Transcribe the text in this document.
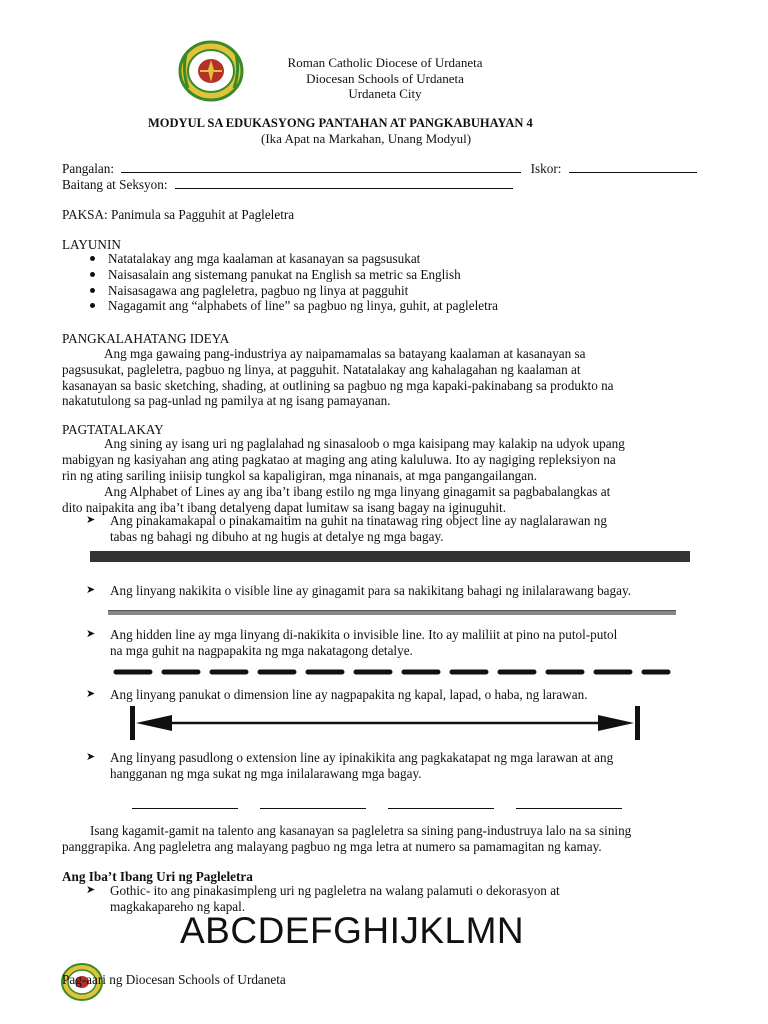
Roman Catholic Diocese of Urdaneta
Diocesan Schools of Urdaneta
Urdaneta City
MODYUL SA EDUKASYONG PANTAHAN AT PANGKABUHAYAN 4
(Ika Apat na Markahan, Unang Modyul)
Pangalan:	Iskor:
Baitang at Seksyon:
PAKSA: Panimula sa Pagguhit at Pagleletra
LAYUNIN
Natatalakay ang mga kaalaman at kasanayan sa pagsusukat
Naisasalain ang sistemang panukat na English sa metric sa English
Naisasagawa ang pagleletra, pagbuo ng linya at pagguhit
Nagagamit ang “alphabets of line” sa pagbuo ng linya, guhit, at pagleletra
PANGKALAHATANG IDEYA
Ang mga gawaing pang-industriya ay naipamamalas sa batayang kaalaman at kasanayan sa
pagsusukat, pagleletra, pagbuo ng linya, at pagguhit. Natatalakay ang kahalagahan ng kaalaman at
kasanayan sa basic sketching, shading, at outlining sa pagbuo ng mga kapaki-pakinabang sa produkto na
nakatutulong sa pag-unlad ng pamilya at ng isang pamayanan.
PAGTATALAKAY
Ang sining ay isang uri ng paglalahad ng sinasaloob o mga kaisipang may kalakip na udyok upang
mabigyan ng kasiyahan ang ating pagkatao at maging ang ating kaluluwa. Ito ay nagiging repleksiyon na
rin ng ating sariling iniisip tungkol sa kapaligiran, mga ninanais, at mga pangangailangan.
Ang Alphabet of Lines ay ang iba’t ibang estilo ng mga linyang ginagamit sa pagbabalangkas at
dito naipakita ang iba’t ibang detalyeng dapat lumitaw sa isang bagay na iginuguhit.
➤	Ang pinakamakapal o pinakamaitim na guhit na tinatawag ring object line ay naglalarawan ng
tabas ng bahagi ng dibuho at ng hugis at detalye ng mga bagay.
➤	Ang linyang nakikita o visible line ay ginagamit para sa nakikitang bahagi ng inilalarawang bagay.
➤	Ang hidden line ay mga linyang di-nakikita o invisible line. Ito ay maliliit at pino na putol-putol
na mga guhit na nagpapakita ng mga nakatagong detalye.
➤	Ang linyang panukat o dimension line ay nagpapakita ng kapal, lapad, o haba, ng larawan.
➤	Ang linyang pasudlong o extension line ay ipinakikita ang pagkakatapat ng mga larawan at ang
hangganan ng mga sukat ng mga inilalarawang mga bagay.
Isang kagamit-gamit na talento ang kasanayan sa pagleletra sa sining pang-industruya lalo na sa sining
panggrapika. Ang pagleletra ang malayang pagbuo ng mga letra at numero sa pamamagitan ng kamay.
Ang Iba’t Ibang Uri ng Pagleletra
➤	Gothic- ito ang pinakasimpleng uri ng pagleletra na walang palamuti o dekorasyon at
magkakapareho ng kapal.
ABCDEFGHIJKLMN
Pag-aari ng Diocesan Schools of Urdaneta
